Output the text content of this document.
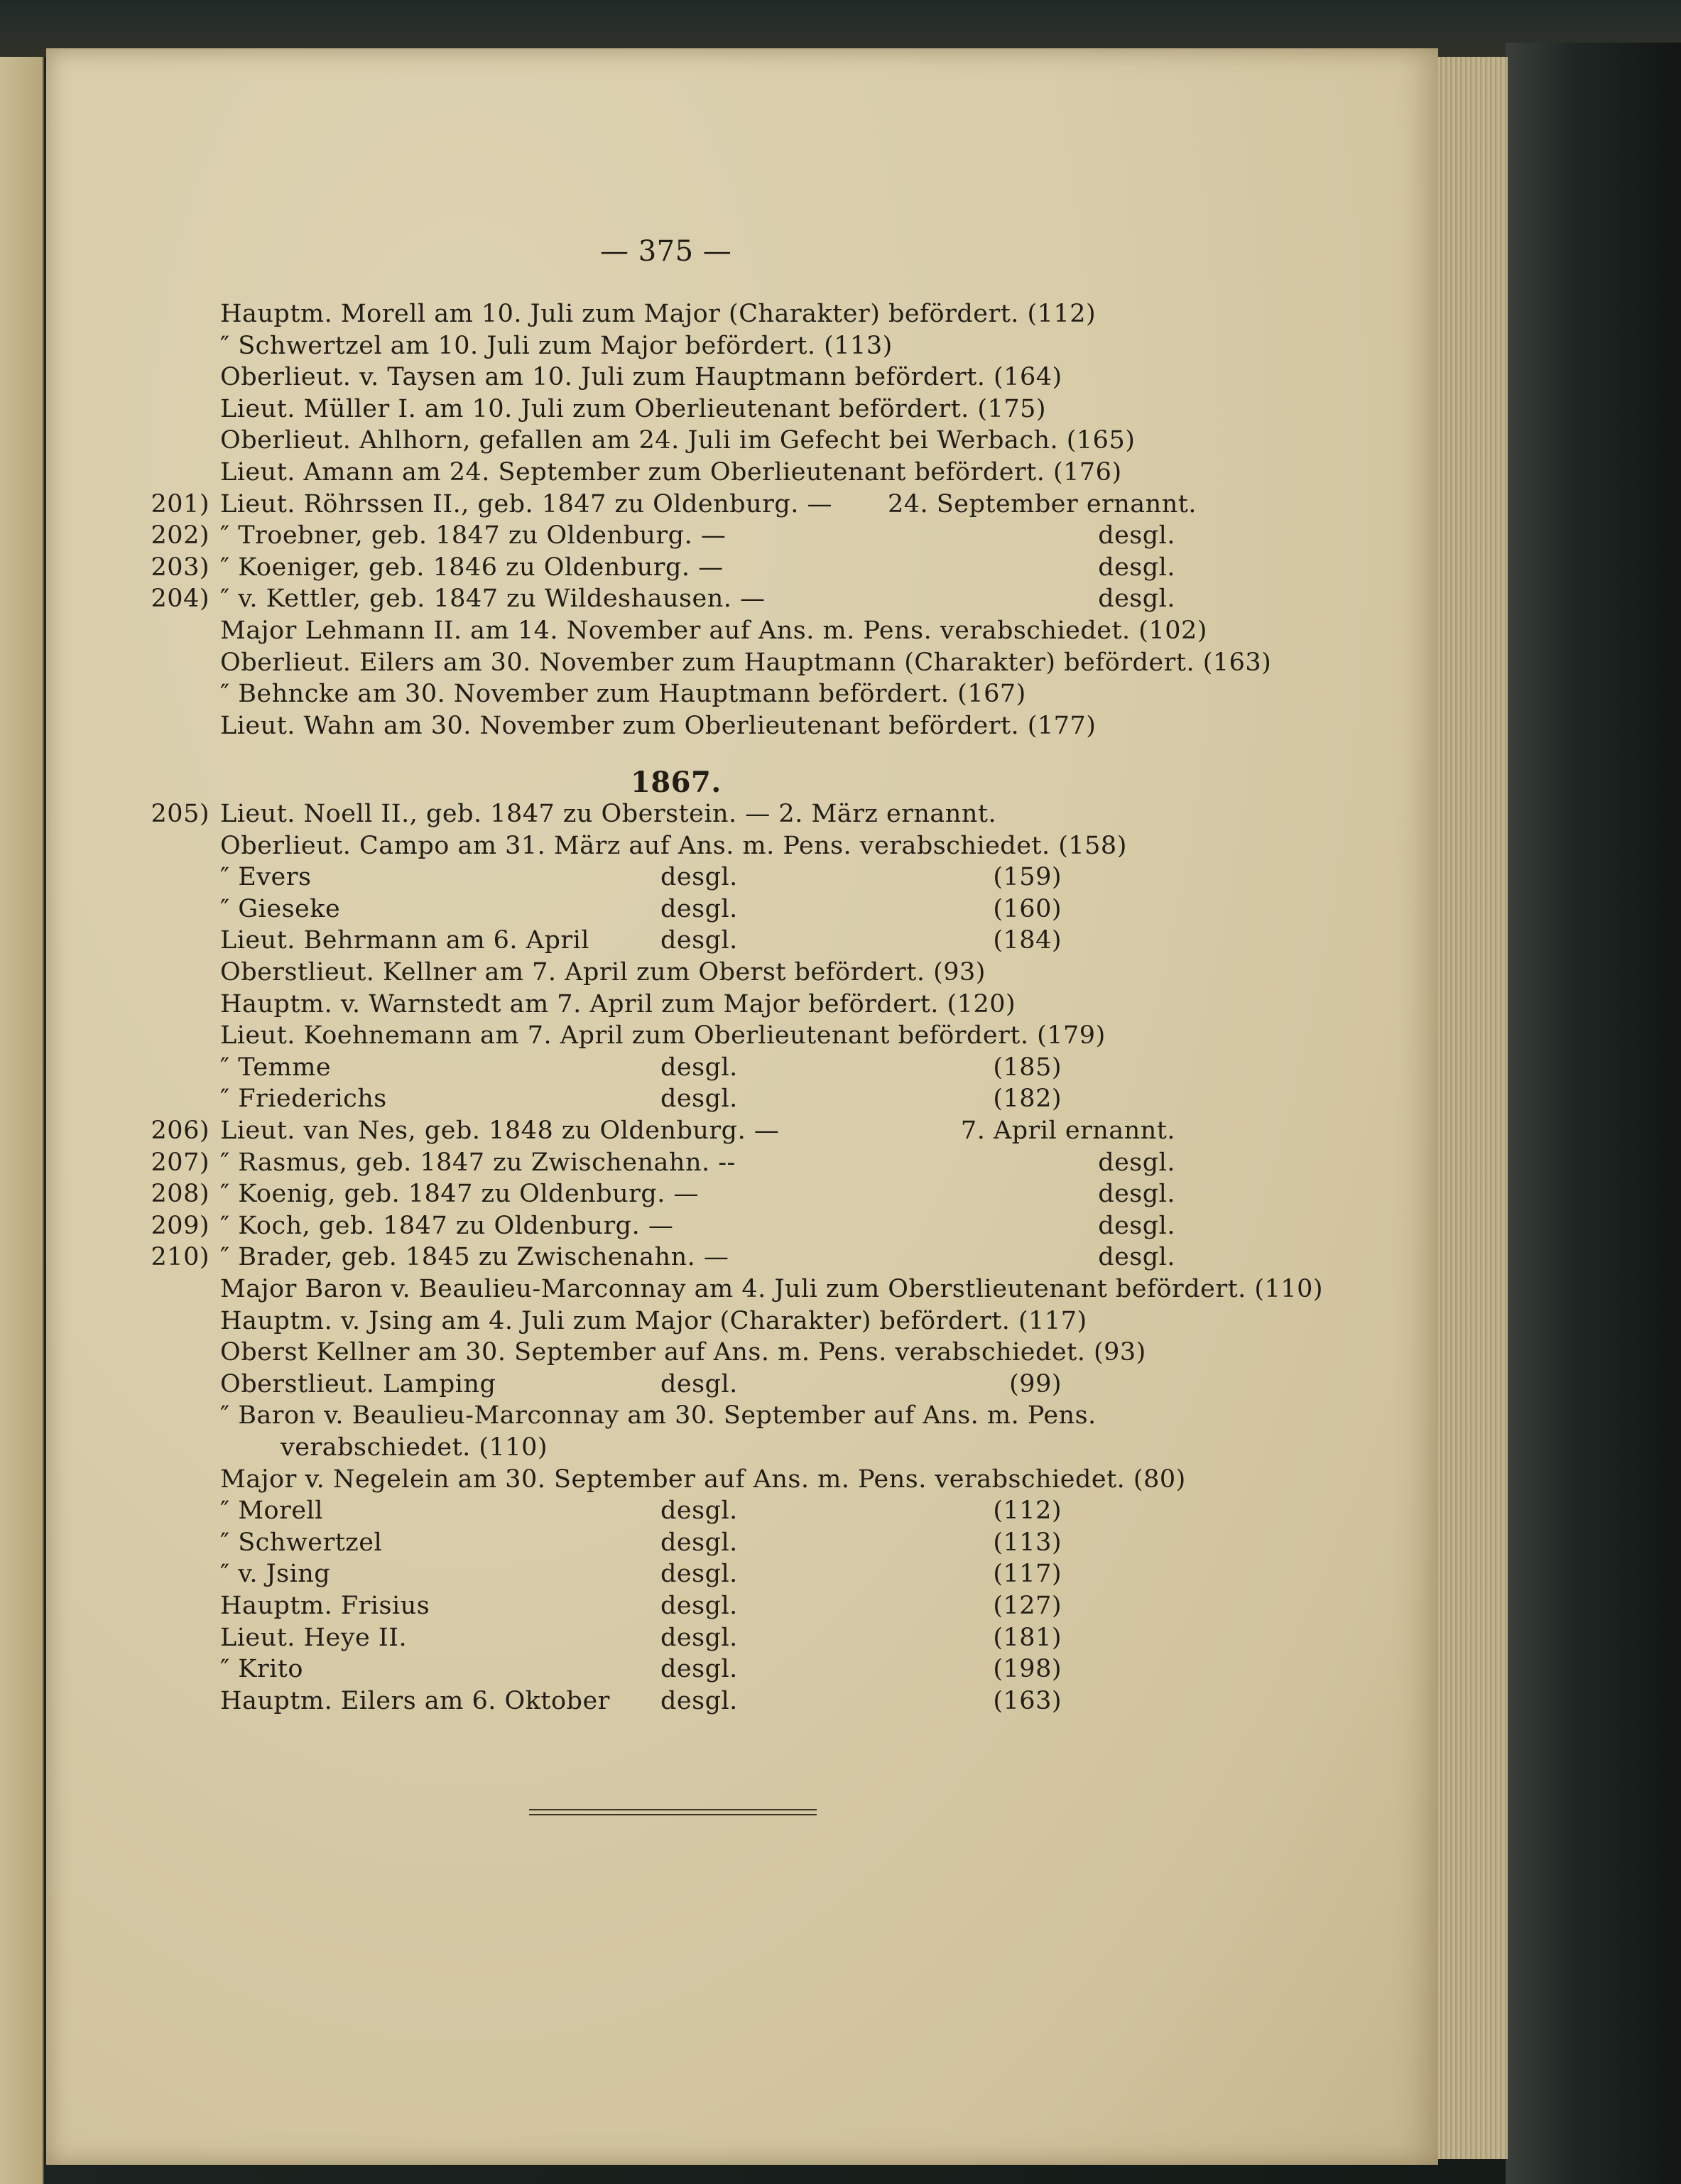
— 375 —
Hauptm. Morell am 10. Juli zum Major (Charakter) befördert. (112)
″ Schwertzel am 10. Juli zum Major befördert. (113)
Oberlieut. v. Taysen am 10. Juli zum Hauptmann befördert. (164)
Lieut. Müller I. am 10. Juli zum Oberlieutenant befördert. (175)
Oberlieut. Ahlhorn, gefallen am 24. Juli im Gefecht bei Werbach. (165)
Lieut. Amann am 24. September zum Oberlieutenant befördert. (176)
201) Lieut. Röhrssen II., geb. 1847 zu Oldenburg. — 24. September ernannt.
202) ″ Troebner, geb. 1847 zu Oldenburg. —	desgl.
203) ″ Koeniger, geb. 1846 zu Oldenburg. —	desgl.
204) ″ v. Kettler, geb. 1847 zu Wildeshausen. —	desgl.
Major Lehmann II. am 14. November auf Ans. m. Pens. verabschiedet. (102)
Oberlieut. Eilers am 30. November zum Hauptmann (Charakter) befördert. (163)
″ Behncke am 30. November zum Hauptmann befördert. (167)
Lieut. Wahn am 30. November zum Oberlieutenant befördert. (177)
1867.
205) Lieut. Noell II., geb. 1847 zu Oberstein. — 2. März ernannt.
Oberlieut. Campo am 31. März auf Ans. m. Pens. verabschiedet. (158)
″ Evers	desgl.	(159)
″ Gieseke	desgl.	(160)
Lieut. Behrmann am 6. April	desgl.	(184)
Oberstlieut. Kellner am 7. April zum Oberst befördert. (93)
Hauptm. v. Warnstedt am 7. April zum Major befördert. (120)
Lieut. Koehnemann am 7. April zum Oberlieutenant befördert. (179)
″ Temme	desgl.	(185)
″ Friederichs	desgl.	(182)
206) Lieut. van Nes, geb. 1848 zu Oldenburg. —	7. April ernannt.
207) ″ Rasmus, geb. 1847 zu Zwischenahn. --	desgl.
208) ″ Koenig, geb. 1847 zu Oldenburg. —	desgl.
209) ″ Koch, geb. 1847 zu Oldenburg. —	desgl.
210) ″ Brader, geb. 1845 zu Zwischenahn. —	desgl.
Major Baron v. Beaulieu-Marconnay am 4. Juli zum Oberstlieutenant befördert. (110)
Hauptm. v. Jsing am 4. Juli zum Major (Charakter) befördert. (117)
Oberst Kellner am 30. September auf Ans. m. Pens. verabschiedet. (93)
Oberstlieut. Lamping	desgl.	(99)
″ Baron v. Beaulieu-Marconnay am 30. September auf Ans. m. Pens.
verabschiedet. (110)
Major v. Negelein am 30. September auf Ans. m. Pens. verabschiedet. (80)
″ Morell	desgl.	(112)
″ Schwertzel	desgl.	(113)
″ v. Jsing	desgl.	(117)
Hauptm. Frisius	desgl.	(127)
Lieut. Heye II.	desgl.	(181)
″ Krito	desgl.	(198)
Hauptm. Eilers am 6. Oktober desgl.	(163)
